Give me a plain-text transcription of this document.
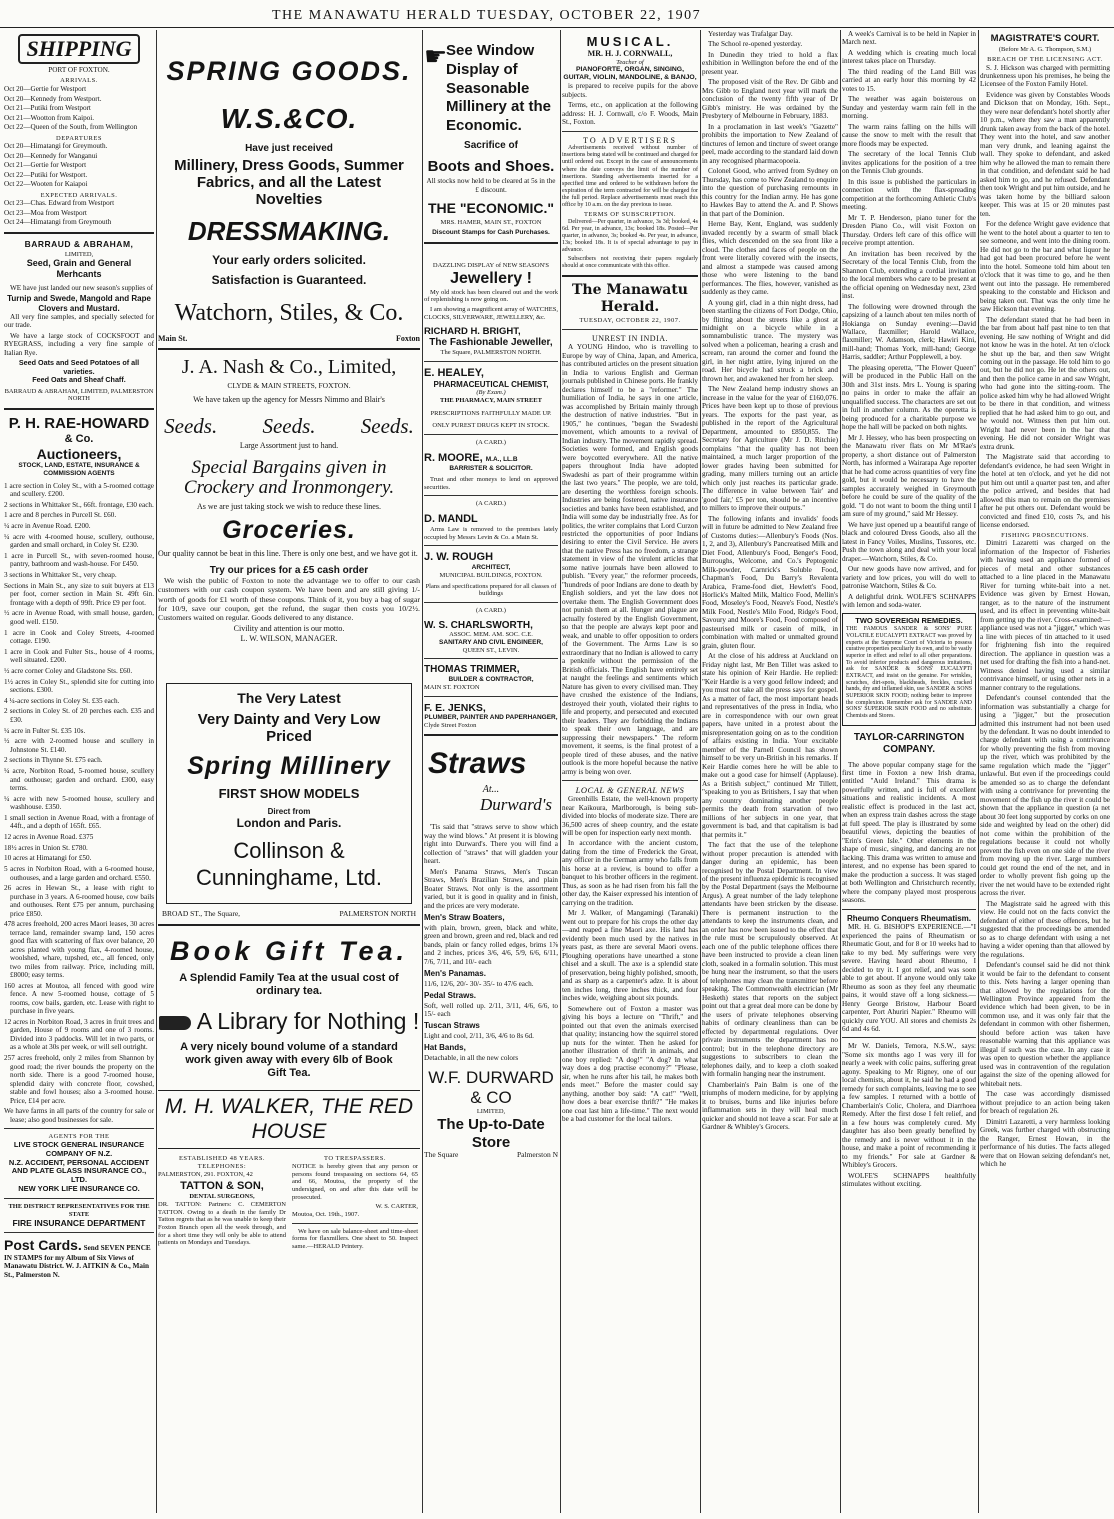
THE MANAWATU HERALD TUESDAY, OCTOBER 22, 1907
SHIPPING
PORT OF FOXTON.
ARRIVALS.
Oct 20—Gertie for Westport
Oct 20—Kennedy from Westport.
Oct 21—Putiki from Westport
Oct 21—Wootton from Kaipoi.
Oct 22—Queen of the South, from Wellington
DEPARTURES
Oct 20—Himatangi for Greymouth.
Oct 20—Kennedy for Wanganui
Oct 21—Gertie for Westport
Oct 22—Putiki for Westport.
Oct 22—Wooten for Kaiapoi
EXPECTED ARRIVALS.
Oct 23—Chas. Edward from Westport
Oct 23—Moa from Westport
Oct 24—Himatangi from Greymouth
BARRAUD & ABRAHAM,
LIMITED,
Seed, Grain and General Merhcants

WE have just landed our new season's supplies of

Turnip and Swede, Mangold and Rape Clovers and Mustard.

All very fine samples, and specially selected for our trade.

We have a large stock of COCKSFOOT and RYEGRASS, including a very fine sample of Italian Rye.

Seed Oats and Seed Potatoes of all varieties.
Feed Oats and Sheaf Chaff.
BARRAUD & ABRAHAM, LIMITED, PALMERSTON NORTH
P. H. RAE-HOWARD
& Co.
Auctioneers,
STOCK, LAND, ESTATE, INSURANCE & COMMISSION AGENTS
1 acre section in Coley St., with a 5-roomed cottage and scullery. £200.
2 sections in Whittaker St., 66ft. frontage, £30 each.
1 acre and 8 perches in Purcell St. £60.
¼ acre in Avenue Road. £200.
¼ acre with 4-roomed house, scullery, outhouse, garden and small orchard, in Coley St. £230.
1 acre in Purcell St., with seven-roomed house, pantry, bathroom and wash-house. For £450.
3 sections in Whittaker St., very cheap.
Sections in Main St., any size to suit buyers at £13 per foot, corner section in Main St. 49ft 6in. frontage with a depth of 99ft. Price £9 per foot.
½ acre in Avenue Road, with small house, garden, good well. £150.
1 acre in Cook and Coley Streets, 4-roomed cottage. £190.
1 acre in Cook and Fulter Sts., house of 4 rooms, well situated. £200.
½ acre corner Coley and Gladstone Sts. £60.
1½ acres in Coley St., splendid site for cutting into sections. £300.
4 ¼-acre sections in Coley St. £35 each.
2 sections in Coley St. of 20 perches each. £35 and £30.
¼ acre in Fulter St. £35 10s.
½ acre with 2-roomed house and scullery in Johnstone St. £140.
2 sections in Thynne St. £75 each.
¼ acre, Norbiton Road, 5-roomed house, scullery and outhouse; garden and orchard. £300, easy terms.
¼ acre with new 5-roomed house, scullery and washhouse. £350.
1 small section in Avenue Road, with a frontage of 44ft., and a depth of 165ft. £65.
12 acres in Avenue Road. £375
18½ acres in Union St. £780.
10 acres at Himatangi for £50.
5 acres in Norbiton Road, with a 6-roomed house, outhouses, and a large garden and orchard. £550.
26 acres in Hewan St., a lease with right to purchase in 3 years. A 6-roomed house, cow bails and outhouses. Rent £75 per annum, purchasing price £850.
478 acres freehold, 200 acres Maori leases, 30 acres terrace land, remainder swamp land, 150 acres good flax with scattering of flax over balance, 20 acres planted with young flax, 4-roomed house, woolshed, whare, tupshed, etc., all fenced, only two miles from railway. Price, including mill, £8000; easy terms.
160 acres at Moutoa, all fenced with good wire fence. A new 5-roomed house, cottage of 5 rooms, cow bails, garden, etc. Lease with right to purchase in five years.
12 acres in Norbiton Road, 3 acres in fruit trees and garden, House of 9 rooms and one of 3 rooms. Divided into 3 paddocks. Will let in two parts, or as a whole at 30s per week, or will sell outright.
257 acres freehold, only 2 miles from Shannon by good road; the river bounds the property on the north side. There is a good 7-roomed house, splendid dairy with concrete floor, cowshed, stable and fowl houses; also a 3-roomed house. Price, £14 per acre.
We have farms in all parts of the country for sale or lease; also good businesses for sale.
AGENTS FOR THE
LIVE STOCK GENERAL INSURANCE COMPANY OF N.Z.
N.Z. ACCIDENT, PERSONAL ACCIDENT AND PLATE GLASS INSURANCE CO., LTD.
NEW YORK LIFE INSURANCE CO.
THE DISTRICT REPRESENTATIVES FOR THE STATE
FIRE INSURANCE DEPARTMENT
Post Cards. Send SEVEN PENCE IN STAMPS for my Album of Six Views of Manawatu District. W. J. AITKIN & Co., Main St., Palmerston N.
SPRING GOODS.
W.S.&CO.
Have just received
Millinery, Dress Goods, Summer Fabrics, and all the Latest Novelties
DRESSMAKING.
Your early orders solicited.
Satisfaction is Guaranteed.
Watchorn, Stiles, & Co.
Main St.	Foxton
J. A. Nash & Co., Limited,
CLYDE & MAIN STREETS, FOXTON.

We have taken up the agency for Messrs Nimmo and Blair's

Seeds. Seeds. Seeds.
Large Assortment just to hand.
Special Bargains given in Crockery and Ironmongery.
As we are just taking stock we wish to reduce these lines.
Groceries.

Our quality cannot be beat in this line. There is only one best, and we have got it.

Try our prices for a £5 cash order

We wish the public of Foxton to note the advantage we to offer to our cash customers with our cash coupon system. We have been and are still giving 1/- worth of goods for £1 worth of these coupons. Think of it, you buy a bag of sugar for 10/9, save our coupon, get the refund, the sugar then costs you 10/2½. Customers waited on regular. Goods delivered to any distance.

Civility and attention is our motto.
L. W. WILSON, MANAGER.
The Very Latest
Very Dainty and Very Low Priced
Spring Millinery
FIRST SHOW MODELS
Direct from
London and Paris.
Collinson & Cunninghame, Ltd.
BROAD ST., The Square,	PALMERSTON NORTH
Book Gift Tea.
A Splendid Family Tea at the usual cost of ordinary tea.
A Library for Nothing !
A very nicely bound volume of a standard work given away with every 6lb of Book Gift Tea.
M. H. WALKER, THE RED HOUSE
ESTABLISHED 48 YEARS.
TELEPHONES:
PALMERSTON, 291. FOXTON, 42
TATTON & SON,
DENTAL SURGEONS,

DR. TATTON: Partners: C. CEMERTON TATTON. Owing to a death in the family Dr Tatton regrets that as he was unable to keep their Foxton Branch open all the week through, and for a short time they will only be able to attend patients on Mondays and Tuesdays.

TO TRESPASSERS.

NOTICE is hereby given that any person or persons found trespassing on sections 64, 65 and 66, Moutoa, the property of the undersigned, on and after this date will be prosecuted.

W. S. CARTER,
Moutoa, Oct. 19th., 1907.

We have on sale balance-sheet and time-sheet forms for flaxmillers. One sheet to 50. Inspect same.—HERALD Printery.

☛
See Window Display of Seasonable Millinery at the Economic.
Sacrifice of
Boots and Shoes.

All stocks now held to be cleared at 5s in the £ discount.

THE "ECONOMIC."
MRS. HAMER, MAIN ST., FOXTON
Discount Stamps for Cash Purchases.
DAZZLING DISPLAY of NEW SEASON'S
Jewellery !

My old stock has been cleared out and the work of replenishing is now going on.

I am showing a magnificent array of WATCHES, CLOCKS, SILVERWARE, JEWELLERY, &c.

RICHARD H. BRIGHT,
The Fashionable Jeweller,
The Square, PALMERSTON NORTH.
E. HEALEY,
PHARMACEUTICAL CHEMIST,
(By Exam.)
THE PHARMACY, MAIN STREET
PRESCRIPTIONS FAITHFULLY MADE UP.
ONLY PUREST DRUGS KEPT IN STOCK.
(A CARD.)
R. MOORE, M.A., LL.B
BARRISTER & SOLICITOR.

Trust and other moneys to lend on approved securities.

(A CARD.)
D. MANDL

Arms Law is removed to the premises lately occupied by Messrs Levin & Co. a Main St.

J. W. ROUGH
ARCHITECT,
MUNICIPAL BUILDINGS, FOXTON.
Plans and specifications prepared for all classes of buildings
(A CARD.)
W. S. CHARLSWORTH,
ASSOC. MEM. AM. SOC. C.E.
SANITARY AND CIVIL ENGINEER,
QUEEN ST., LEVIN.
THOMAS TRIMMER,
BUILDER & CONTRACTOR,
MAIN ST. FOXTON
F. E. JENKS,
PLUMBER, PAINTER AND PAPERHANGER,
Clyde Street Foxton
Straws
At...
Durward's

'Tis said that "straws serve to show which way the wind blows." At present it is blowing right into Durward's. There you will find a collection of "straws" that will gladden your heart.

Men's Panama Straws, Men's Tuscan Straws, Men's Brazilian Straws, and plain Boater Straws. Not only is the assortment varied, but it is good in quality and in finish, and the prices are very moderate.

Men's Straw Boaters,

with plain, brown, green, black and white, green and brown, green and red, black and red bands, plain or fancy rolled edges, brims 1⅞ and 2 inches, prices 3/6, 4/6, 5/9, 6/6, 6/11, 7/6, 7/11, and 10/- each

Men's Panamas.

11/6, 12/6, 20/- 30/- 35/- to 47/6 each.

Pedal Straws.

Soft, well rolled up. 2/11, 3/11, 4/6, 6/6, to 15/- each

Tuscan Straws

Light and cool, 2/11, 3/6, 4/6 to 8s 6d.

Hat Bands,

Detachable, in all the new colors

W.F. DURWARD & CO
LIMITED,
The Up-to-Date Store
The Square	Palmerston N
MUSICAL.
MR. H. J. CORNWALL,
Teacher of
PIANOFORTE, ORGAN, SINGING, GUITAR, VIOLIN, MANDOLINE, & BANJO,

is prepared to receive pupils for the above subjects.

Terms, etc., on application at the following address: H. J. Cornwall, c/o F. Woods, Main St., Foxton.

TO ADVERTISERS

Advertisements received without number of insertions being stated will be continued and charged for until ordered out. Except in the case of announcements where the date conveys the limit of the number of insertions. Standing advertisements inserted for a specified time and ordered to be withdrawn before the expiration of the term contracted for will be charged for the full period. Replace advertisements must reach this office by 10 a.m. on the day previous to issue.

TERMS OF SUBSCRIPTION.

Delivered—Per quarter, in advance, 3s 3d; booked, 4s 6d. Per year, in advance, 13s; booked 18s. Posted—Per quarter, in advance, 3s; booked 4s. Per year, in advance, 13s; booked 18s. It is of special advantage to pay in advance.

Subscribers not receiving their papers regularly should at once communicate with this office.

The Manawatu Herald.
TUESDAY, OCTOBER 22, 1907.
UNREST IN INDIA.

A YOUNG Hindoo, who is travelling to Europe by way of China, Japan, and America, has contributed articles on the present situation in India to various English and German journals published in Chinese ports. He frankly declares himself to be a "reformer." The humiliation of India, he says in one article, was accomplished by Britain mainly through the destruction of native industries. "But in 1905," he continues, "began the Swadeshi movement, which amounts to a revival of Indian industry. The movement rapidly spread. Societies were formed, and English goods were boycotted everywhere. All the native papers throughout India have adopted Swadeshi as part of their programme within the last two years." The people, we are told, are deserting the worthless foreign schools. Industries are being fostered, native insurance societies and banks have been established, and India will some day be industrially free. As for politics, the writer complains that Lord Curzon restricted the opportunities of poor Indians desiring to enter the Civil Service. He avers that the native Press has no freedom, a strange statement in view of the virulent articles that some native journals have been allowed to publish. "Every year," the reformer proceeds, "hundreds of poor Indians are done to death by English soldiers, and yet the law does not overtake them. The English Government does not punish them at all. Hunger and plague are actually fostered by the English Government, so that the people are always kept poor and weak, and unable to offer opposition to orders of the Government. The Arms Law is so extraordinary that no Indian is allowed to carry a penknife without the permission of the British officials. The English have entirely set at naught the feelings and sentiments which Nature has given to every civilised man. They have crushed the existence of the Indians, destroyed their youth, violated their rights to life and property, and persecuted and executed their leaders. They are forbidding the Indians to speak their own language, and are suppressing their newspapers." The reform movement, it seems, is the final protest of a people tired of these abuses, and the native outlook is the more hopeful because the native army is being won over.

LOCAL & GENERAL NEWS

Greenhills Estate, the well-known property near Kaikoura, Marlborough, is being sub-divided into blocks of moderate size. There are 36,500 acres of sheep country, and the estate will be open for inspection early next month.

In accordance with the ancient custom, dating from the time of Frederick the Great, any officer in the German army who falls from his horse at a review, is bound to offer a banquet to his brother officers in the regiment. Thus, as soon as he had risen from his fall the other day, the Kaiser expressed his intention of carrying on the tradition.

Mr J. Walker, of Mangamingi (Taranaki) went out to prepare for his crops the other day—and reaped a fine Maori axe. His land has evidently been much used by the natives in years past, as there are several Maori ovens. Ploughing operations have unearthed a stone chisel and a skull. The axe is a splendid state of preservation, being highly polished, smooth, and as sharp as a carpenter's adze. It is about ten inches long, three inches thick, and four inches wide, weighing about six pounds.

Somewhere out of Foxton a master was giving his boys a lecture on "Thrift," and pointed out that even the animals exercised that quality; instancing how the squirrel stored up nuts for the winter. Then he asked for another illustration of thrift in animals, and one boy replied: "A dog!" "A dog? In what way does a dog practise economy?" "Please, sir, when he runs after his tail, he makes both ends meet." Before the master could say anything, another boy said: "A cat!" "Well, how does a bear exercise thrift?" "He makes one coat last him a life-time." The next would be a bad customer for the local tailors.

Yesterday was Trafalgar Day.

The School re-opened yesterday.

In Dunedin they tried to hold a flax exhibition in Wellington before the end of the present year.

The proposed visit of the Rev. Dr Gibb and Mrs Gibb to England next year will mark the conclusion of the twenty fifth year of Dr Gibb's ministry. He was ordained by the Presbytery of Melbourne in February, 1883.

In a proclamation in last week's "Gazette" prohibits the importation to New Zealand of tinctures of lemon and tincture of sweet orange peel, made according to the standard laid down in any recognised pharmacopoeia.

Colonel Good, who arrived from Sydney on Thursday, has come to New Zealand to enquire into the question of purchasing remounts in this country for the Indian army. He has gone to Hawkes Bay to attend the A. and P. Shows in that part of the Dominion.

Herne Bay, Kent, England, was suddenly invaded recently by a swarm of small black flies, which descended on the sea front like a cloud. The clothes and faces of people on the front were literally covered with the insects, and almost a stampede was caused among those who were listening to the band performances. The flies, however, vanished as suddenly as they came.

A young girl, clad in a thin night dress, had been startling the citizens of Fort Dodge, Ohio, by flitting about the streets like a ghost at midnight on a bicycle while in a somnambulistic trance. The mystery was solved when a policeman, hearing a crash and scream, ran around the corner and found the girl, in her night attire, lying injured on the road. Her bicycle had struck a brick and thrown her, and awakened her from her sleep.

The New Zealand hemp industry shows an increase in the value for the year of £160,076. Prices have been kept up to those of previous years. The exports for the past year, as published in the report of the Agricultural Department, amounted to £850,855. The Secretary for Agriculture (Mr J. D. Ritchie) complains "that the quality has not been maintained, a much larger proportion of the lower grades having been submitted for grading, many millers turning out an article which only just reaches its particular grade. The difference in value between 'fair' and 'good fair,' £5 per ton, should be an incentive to millers to improve their outputs."

The following infants and invalids' foods will in future be admitted to New Zealand free of Customs duties:—Allenbury's Foods (Nos. 1, 2, and 3), Allenbury's Pancreatised Milk and Diet Food, Allenbury's Food, Benger's Food, Burroughs, Welcome, and Co.'s Peptogenic Milk-powder, Carnrick's Soluble Food, Chapman's Food, Du Barry's Revalenta Arabica, Frame-food diet, Hewlett's Food, Horlick's Malted Milk, Maltico Food, Mellin's Food, Moseley's Food, Neave's Food, Nestle's Milk Food, Nestle's Milo Food, Ridge's Food, Savoury and Moore's Food, Food composed of pasteurised milk or casein of milk, in combination with malted or unmalted ground grain, gluten flour.

At the close of his address at Auckland on Friday night last, Mr Ben Tillet was asked to state his opinion of Keir Hardie. He replied: "Keir Hardie is a very good fellow indeed; and you must not take all the press says for gospel. As a matter of fact, the most important heads and representatives of the press in India, who are in correspondence with our own great papers, have united in a protest about the misrepresentation going on as to the condition of affairs existing in India. Your excitable member of the Parnell Council has shown himself to be very un-British in his remarks. If Keir Hardie comes here he will be able to make out a good case for himself (Applause). As a British subject," continued Mr Tillett, "speaking to you as Britishers, I say that when any country dominating another people permits the death from starvation of two millions of her subjects in one year, that government is bad, and that capitalism is bad that permits it."

The fact that the use of the telephone without proper precaution is attended with danger during an epidemic, has been recognised by the Postal Department. In view of the present influenza epidemic is recognised by the Postal Department (says the Melbourne Argus). A great number of the lady telephone attendants have been stricken by the disease. There is permanent instruction to the attendants to keep the instruments clean, and an order has now been issued to the effect that the rule must be scrupulously observed. At each one of the public telephone offices there have been instructed to provide a clean linen cloth, soaked in a formalin solution. This must be hung near the instrument, so that the users of telephones may clean the transmitter before speaking. The Commonwealth electrician (Mr Hesketh) states that reports on the subject point out that a great deal more can be done by the users of private telephones observing habits of ordinary cleanliness than can be effected by departmental regulations. Over private instruments the department has no control; but in the telephone directory are suggestions to subscribers to clean the telephones daily, and to keep a cloth soaked with formalin hanging near the instrument.

Chamberlain's Pain Balm is one of the triumphs of modern medicine, for by applying it to bruises, burns and like injuries before inflammation sets in they will heal much quicker and should not leave a scar. For sale at Gardner & Whibley's Grocers.

A week's Carnival is to be held in Napier in March next.

A wedding which is creating much local interest takes place on Thursday.

The third reading of the Land Bill was carried at an early hour this morning by 42 votes to 15.

The weather was again boisterous on Sunday and yesterday warm rain fell in the morning.

The warm rains falling on the hills will cause the snow to melt with the result that more floods may be expected.

The secretary of the local Tennis Club invites applications for the position of a tree on the Tennis Club grounds.

In this issue is published the particulars in connection with the flax-spreading competition at the forthcoming Athletic Club's meeting.

Mr T. P. Henderson, piano tuner for the Dresden Piano Co., will visit Foxton on Thursday. Orders left care of this office will receive prompt attention.

An invitation has been received by the Secretary of the local Tennis Club, from the Shannon Club, extending a cordial invitation to the local members who care to be present at the official opening on Wednesday next, 23rd inst.

The following were drowned through the capsizing of a launch about ten miles north of Hokianga on Sunday evening:—David Wallace, flaxmiller; Harold Wallace, flaxmiller; W. Adamson, clerk; Hawiri Kini, mill-hand; Thomas York, mill-hand; George Harris, saddler; Arthur Popplewell, a boy.

The pleasing operetta, "The Flower Queen" will be produced in the Public Hall on the 30th and 31st insts. Mrs L. Young is sparing no pains in order to make the affair an unqualified success. The characters are set out in full in another column. As the operetta is being produced for a charitable purpose we hope the hall will be packed on both nights.

Mr J. Hessey, who has been prospecting on the Manawatu river flats on Mr M'Rae's property, a short distance out of Palmerston North, has informed a Wairarapa Age reporter that he had come across quantities of very fine gold, but it would be necessary to have the samples accurately weighed in Greymouth before he could be sure of the quality of the gold. "I do not want to boom the thing until I am sure of my ground," said Mr Hessey.

We have just opened up a beautiful range of black and coloured Dress Goods, also all the latest in Fancy Voiles, Muslins, Tussores, etc. Push the town along and deal with your local draper.—Watchorn, Stiles, & Co.

Our new goods have now arrived, and for variety and low prices, you will do well to patronise Watchorn, Stiles & Co.

A delightful drink. WOLFE'S SCHNAPPS with lemon and soda-water.

TWO SOVEREIGN REMEDIES.

THE FAMOUS SANDER & SONS' PURE VOLATILE EUCALYPTI EXTRACT was proved by experts at the Supreme Court of Victoria to possess curative properties peculiarly its own, and to be vastly superior in effect and relief to all other preparations. To avoid inferior products and dangerous imitations, ask for SANDER & SONS' EUCALYPTI EXTRACT, and insist on the genuine. For wrinkles, scratches, dirt-spots, blackheads, freckles, cracked hands, dry and inflamed skin, use SANDER & SONS SUPERIOR SKIN FOOD; nothing better to improve the complexion. Remember ask for SANDER AND SONS' SUPERIOR SKIN FOOD and no substitute. Chemists and Stores.

TAYLOR-CARRINGTON COMPANY.

The above popular company stage for the first time in Foxton a new Irish drama, entitled "Auld Ireland." This drama is powerfully written, and is full of excellent situations and realistic incidents. A most realistic effect is produced in the last act, when an express train dashes across the stage at full speed. The play is illustrated by some beautiful views, depicting the beauties of "Erin's Green Isle." Other elements in the shape of music, singing, and dancing are not lacking. This drama was written to amuse and interest, and no expense has been spared to make the production a success. It was staged at both Wellington and Christchurch recently, where the company played most prosperous seasons.

Rheumo Conquers Rheumatism.

MR. H. G. BISHOP'S EXPERIENCE.—"I experienced the pains of Rheumatism or Rheumatic Gout, and for 8 or 10 weeks had to take to my bed. My sufferings were very severe. Having heard about Rheumo, I decided to try it. I got relief, and was soon able to get about. If anyone would only take Rheumo as soon as they feel any rheumatic pains, it would stave off a long sickness.—Henry George Bristow, Harbour Board carpenter, Port Ahuriri Napier." Rheumo will quickly cure YOU. All stores and chemists 2s 6d and 4s 6d.

Mr W. Daniels, Temora, N.S.W., says: "Some six months ago I was very ill for nearly a week with colic pains, suffering great agony. Speaking to Mr Rigney, one of our local chemists, about it, he said he had a good remedy for such complaints, leaving me to see a few samples. I returned with a bottle of Chamberlain's Colic, Cholera, and Diarrhoea Remedy. After the first dose I felt relief, and in a few hours was completely cured. My daughter has also been greatly benefited by the remedy and is never without it in the house, and make a point of recommending it to my friends." For sale at Gardner & Whibley's Grocers.

WOLFE'S SCHNAPPS healthfully stimulates without exciting.

MAGISTRATE'S COURT.
(Before Mr A. G. Thompson, S.M.)
BREACH OF THE LICENSING ACT.

S. J. Hickson was charged with permitting drunkenness upon his premises, he being the Licensee of the Foxton Family Hotel.

Evidence was given by Constables Woods and Dickson that on Monday, 16th. Sept., they were near defendant's hotel shortly after 10 p.m., where they saw a man apparently drunk taken away from the back of the hotel. They went into the hotel, and saw another man very drunk, and leaning against the wall. They spoke to defendant, and asked him why he allowed the man to remain there in that condition, and defendant said he had asked him to go, and he refused. Defendant then took Wright and put him outside, and he was taken home by the billiard saloon keeper. This was at 15 or 20 minutes past ten.

For the defence Wright gave evidence that he went to the hotel about a quarter to ten to see someone, and went into the dining room. He did not go to the bar and what liquor he had got had been procured before he went into the hotel. Someone told him about ten o'clock that it was time to go, and he then went out into the passage. He remembered speaking to the constable and Hickson and being taken out. That was the only time he saw Hickson that evening.

The defendant stated that he had been in the bar from about half past nine to ten that evening. He saw nothing of Wright and did not know he was in the hotel. At ten o'clock he shut up the bar, and then saw Wright coming out in the passage. He told him to go out, but he did not go. He let the others out, and then the police came in and saw Wright, who had gone into the sitting-room. The police asked him why he had allowed Wright to be there in that condition, and witness replied that he had asked him to go out, and he would not. Witness then put him out. Wright had never been in the bar that evening. He did not consider Wright was extra drunk.

The Magistrate said that according to defendant's evidence, he had seen Wright in the hotel at ten o'clock, and yet he did not put him out until a quarter past ten, and after the police arrived, and besides that had allowed this man to remain on the premises after he put others out. Defendant would be convicted and fined £10, costs 7s, and his license endorsed.

FISHING PROSECUTIONS.

Dimitri Lazaretti was charged on the information of the Inspector of Fisheries with having used an appliance formed of pieces of metal and other substances attached to a line placed in the Manawatu River for turning white-bait into a net. Evidence was given by Ernest Howan, ranger, as to the nature of the instrument used, and its effect in preventing white-bait from getting up the river. Cross-examined:—appliance used was not a "jigger," which was a line with pieces of tin attached to it used for frightening fish into the required direction. The appliance in question was a net used for drafting the fish into a hand-net. Witness denied having used a similar contrivance himself, or using other nets in a manner contrary to the regulations.

Defendant's counsel contended that the information was substantially a charge for using a "jigger," but the prosecution admitted this instrument had not been used by the defendant. It was no doubt intended to charge defendant with using a contrivance for wholly preventing the fish from moving up the river, which was prohibited by the same regulation which made the "jigger" unlawful. But even if the proceedings could be amended so as to charge the defendant with using a contrivance for preventing the movement of the fish up the river it could be shown that the appliance in question (a net about 30 feet long supported by corks on one side and weighted by lead on the other) did not come within the prohibition of the regulations because it could not wholly prevent the fish even on one side of the river from moving up the river. Large numbers could get round the end of the net, and in order to wholly prevent fish going up the river the net would have to be extended right across the river.

The Magistrate said he agreed with this view. He could not on the facts convict the defendant of either of these offences, but he suggested that the proceedings be amended so as to charge defendant with using a net having a wider opening than that allowed by the regulations.

Defendant's counsel said he did not think it would be fair to the defendant to consent to this. Nets having a larger opening than that allowed by the regulations for the Wellington Province appeared from the evidence which had been given, to be in common use, and it was only fair that the defendant in common with other fishermen, should before action was taken have reasonable warning that this appliance was illegal if such was the case. In any case it was open to question whether the appliance used was in contravention of the regulation against the size of the opening allowed for whitebait nets.

The case was accordingly dismissed without prejudice to an action being taken for breach of regulation 26.

Dimitri Lazaretti, a very harmless looking Greek, was further charged with obstructing the Ranger, Ernest Howan, in the performance of his duties. The facts alleged were that on Howan seizing defendant's net, which he
